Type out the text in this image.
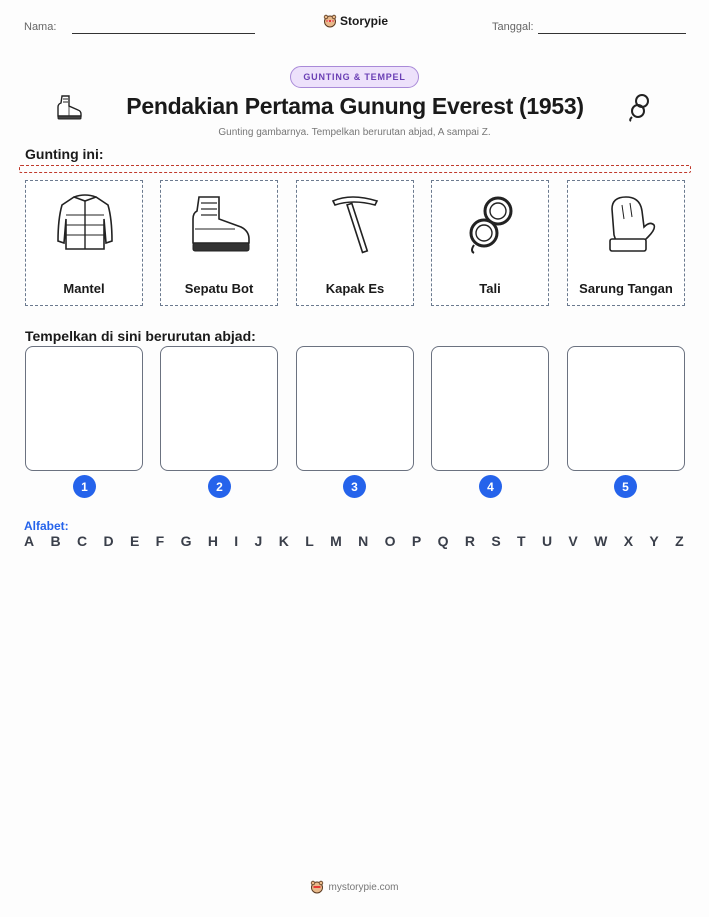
Nama:	Storypie	Tanggal:
GUNTING & TEMPEL
Pendakian Pertama Gunung Everest (1953)
Gunting gambarnya. Tempelkan berurutan abjad, A sampai Z.
Gunting ini:
Mantel	Sepatu Bot	Kapak Es	Tali	Sarung Tangan
Tempelkan di sini berurutan abjad:
1	2	3	4	5
Alfabet:
A B C D E F G H I J K L M N O P Q R S T U V W X Y Z
mystorypie.com
